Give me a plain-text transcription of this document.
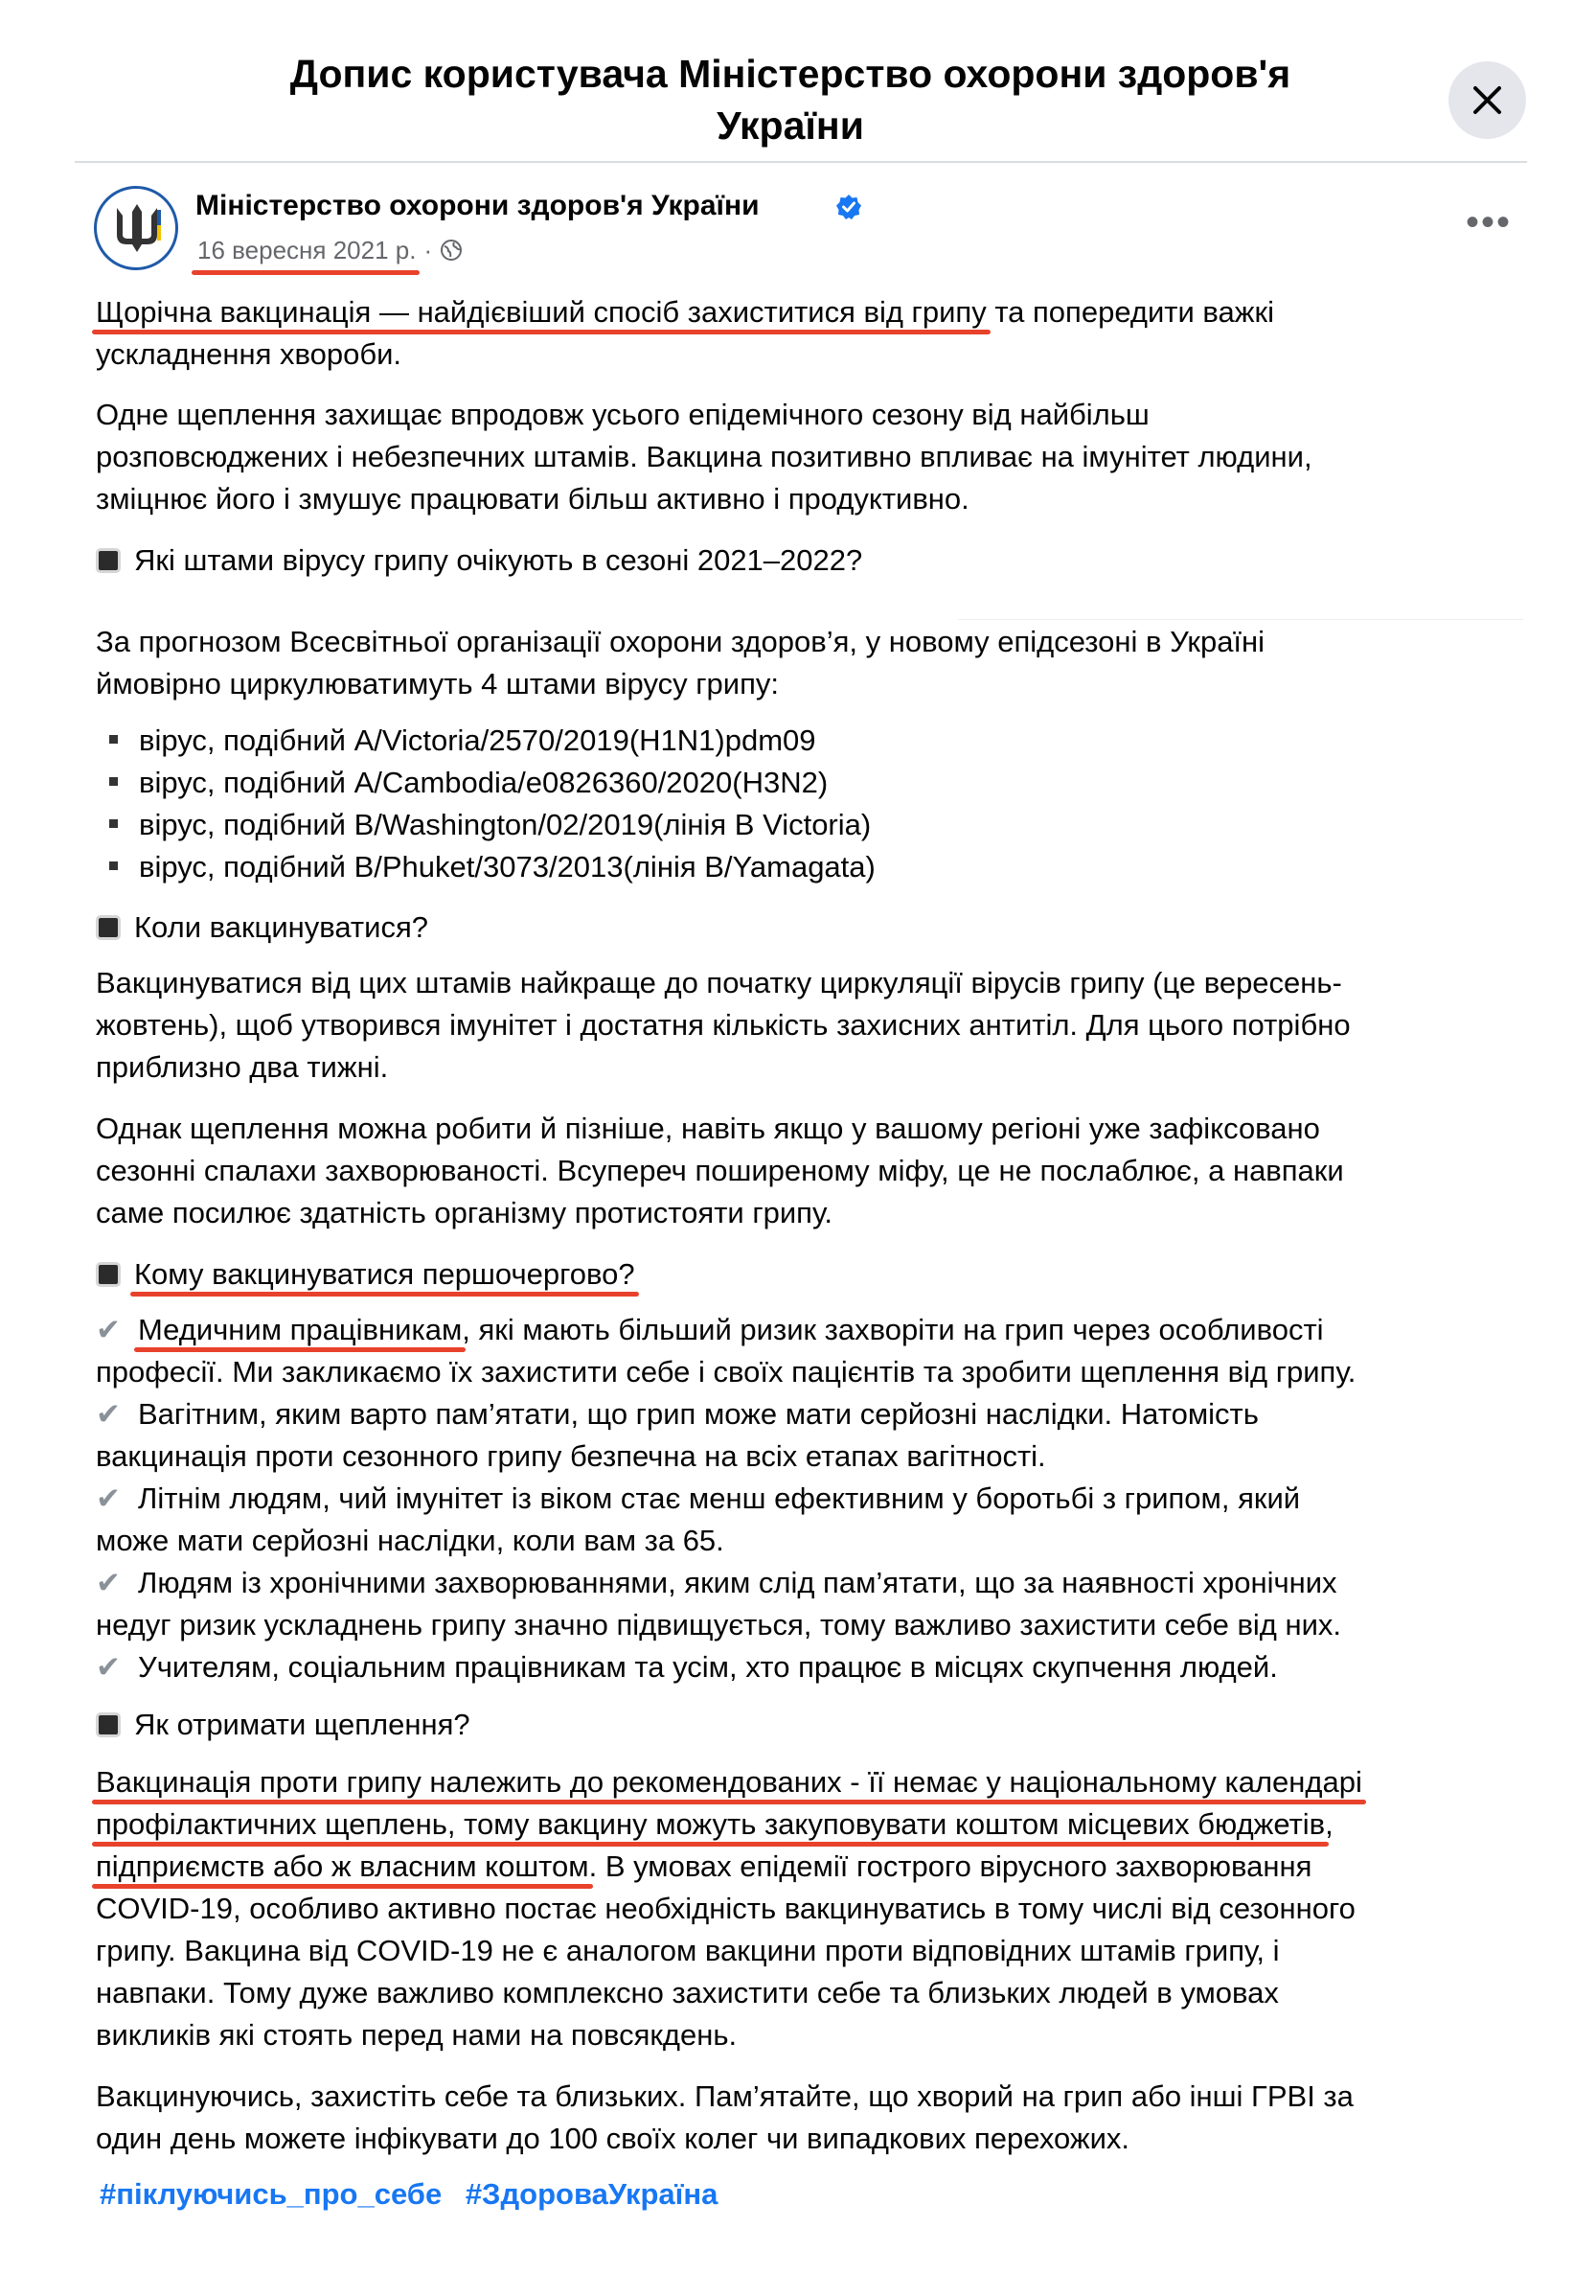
Допис користувача Міністерство охорони здоров'я
України
Міністерство охорони здоров'я України
16 вересня 2021 р. ·
•••
Щорічна вакцинація — найдієвіший спосіб захиститися від грипу та попередити важкі
ускладнення хвороби.
Одне щеплення захищає впродовж усього епідемічного сезону від найбільш
розповсюджених і небезпечних штамів. Вакцина позитивно впливає на імунітет людини,
зміцнює його і змушує працювати більш активно і продуктивно.
Які штами вірусу грипу очікують в сезоні 2021–2022?
За прогнозом Всесвітньої організації охорони здоров’я, у новому епідсезоні в Україні
ймовірно циркулюватимуть 4 штами вірусу грипу:
вірус, подібний A/Victoria/2570/2019(H1N1)pdm09
вірус, подібний A/Cambodia/e0826360/2020(H3N2)
вірус, подібний B/Washington/02/2019(лінія B Victoria)
вірус, подібний B/Phuket/3073/2013(лінія B/Yamagata)
Коли вакцинуватися?
Вакцинуватися від цих штамів найкраще до початку циркуляції вірусів грипу (це вересень-
жовтень), щоб утворився імунітет і достатня кількість захисних антитіл. Для цього потрібно
приблизно два тижні.
Однак щеплення можна робити й пізніше, навіть якщо у вашому регіоні уже зафіксовано
сезонні спалахи захворюваності. Всупереч поширеному міфу, це не послаблює, а навпаки
саме посилює здатність організму протистояти грипу.
Кому вакцинуватися першочергово?
✔ Медичним працівникам, які мають більший ризик захворіти на грип через особливості
професії. Ми закликаємо їх захистити себе і своїх пацієнтів та зробити щеплення від грипу.
✔ Вагітним, яким варто пам’ятати, що грип може мати серйозні наслідки. Натомість
вакцинація проти сезонного грипу безпечна на всіх етапах вагітності.
✔ Літнім людям, чий імунітет із віком стає менш ефективним у боротьбі з грипом, який
може мати серйозні наслідки, коли вам за 65.
✔ Людям із хронічними захворюваннями, яким слід пам’ятати, що за наявності хронічних
недуг ризик ускладнень грипу значно підвищується, тому важливо захистити себе від них.
✔ Учителям, соціальним працівникам та усім, хто працює в місцях скупчення людей.
Як отримати щеплення?
Вакцинація проти грипу належить до рекомендованих - її немає у національному календарі
профілактичних щеплень, тому вакцину можуть закуповувати коштом місцевих бюджетів,
підприємств або ж власним коштом. В умовах епідемії гострого вірусного захворювання
COVID-19, особливо активно постає необхідність вакцинуватись в тому числі від сезонного
грипу. Вакцина від COVID-19 не є аналогом вакцини проти відповідних штамів грипу, і
навпаки. Тому дуже важливо комплексно захистити себе та близьких людей в умовах
викликів які стоять перед нами на повсякдень.
Вакцинуючись, захистіть себе та близьких. Пам’ятайте, що хворий на грип або інші ГРВІ за
один день можете інфікувати до 100 своїх колег чи випадкових перехожих.
#піклуючись_про_себе #ЗдороваУкраїна
